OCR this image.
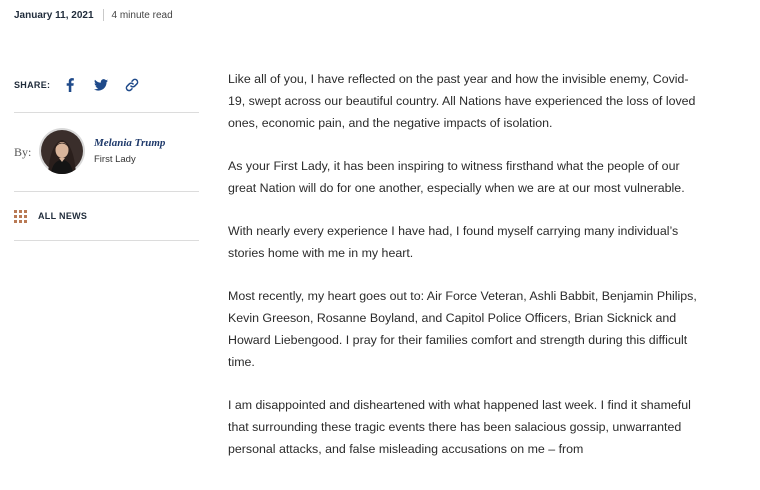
January 11, 2021 4 minute read
SHARE:
By:
Melania Trump
First Lady
ALL NEWS

Like all of you, I have reflected on the past year and how the invisible enemy, Covid-19, swept across our beautiful country. All Nations have experienced the loss of loved ones, economic pain, and the negative impacts of isolation.

As your First Lady, it has been inspiring to witness firsthand what the people of our great Nation will do for one another, especially when we are at our most vulnerable.

With nearly every experience I have had, I found myself carrying many individual’s stories home with me in my heart.

Most recently, my heart goes out to: Air Force Veteran, Ashli Babbit, Benjamin Philips, Kevin Greeson, Rosanne Boyland, and Capitol Police Officers, Brian Sicknick and Howard Liebengood. I pray for their families comfort and strength during this difficult time.

I am disappointed and disheartened with what happened last week. I find it shameful that surrounding these tragic events there has been salacious gossip, unwarranted personal attacks, and false misleading accusations on me – from
